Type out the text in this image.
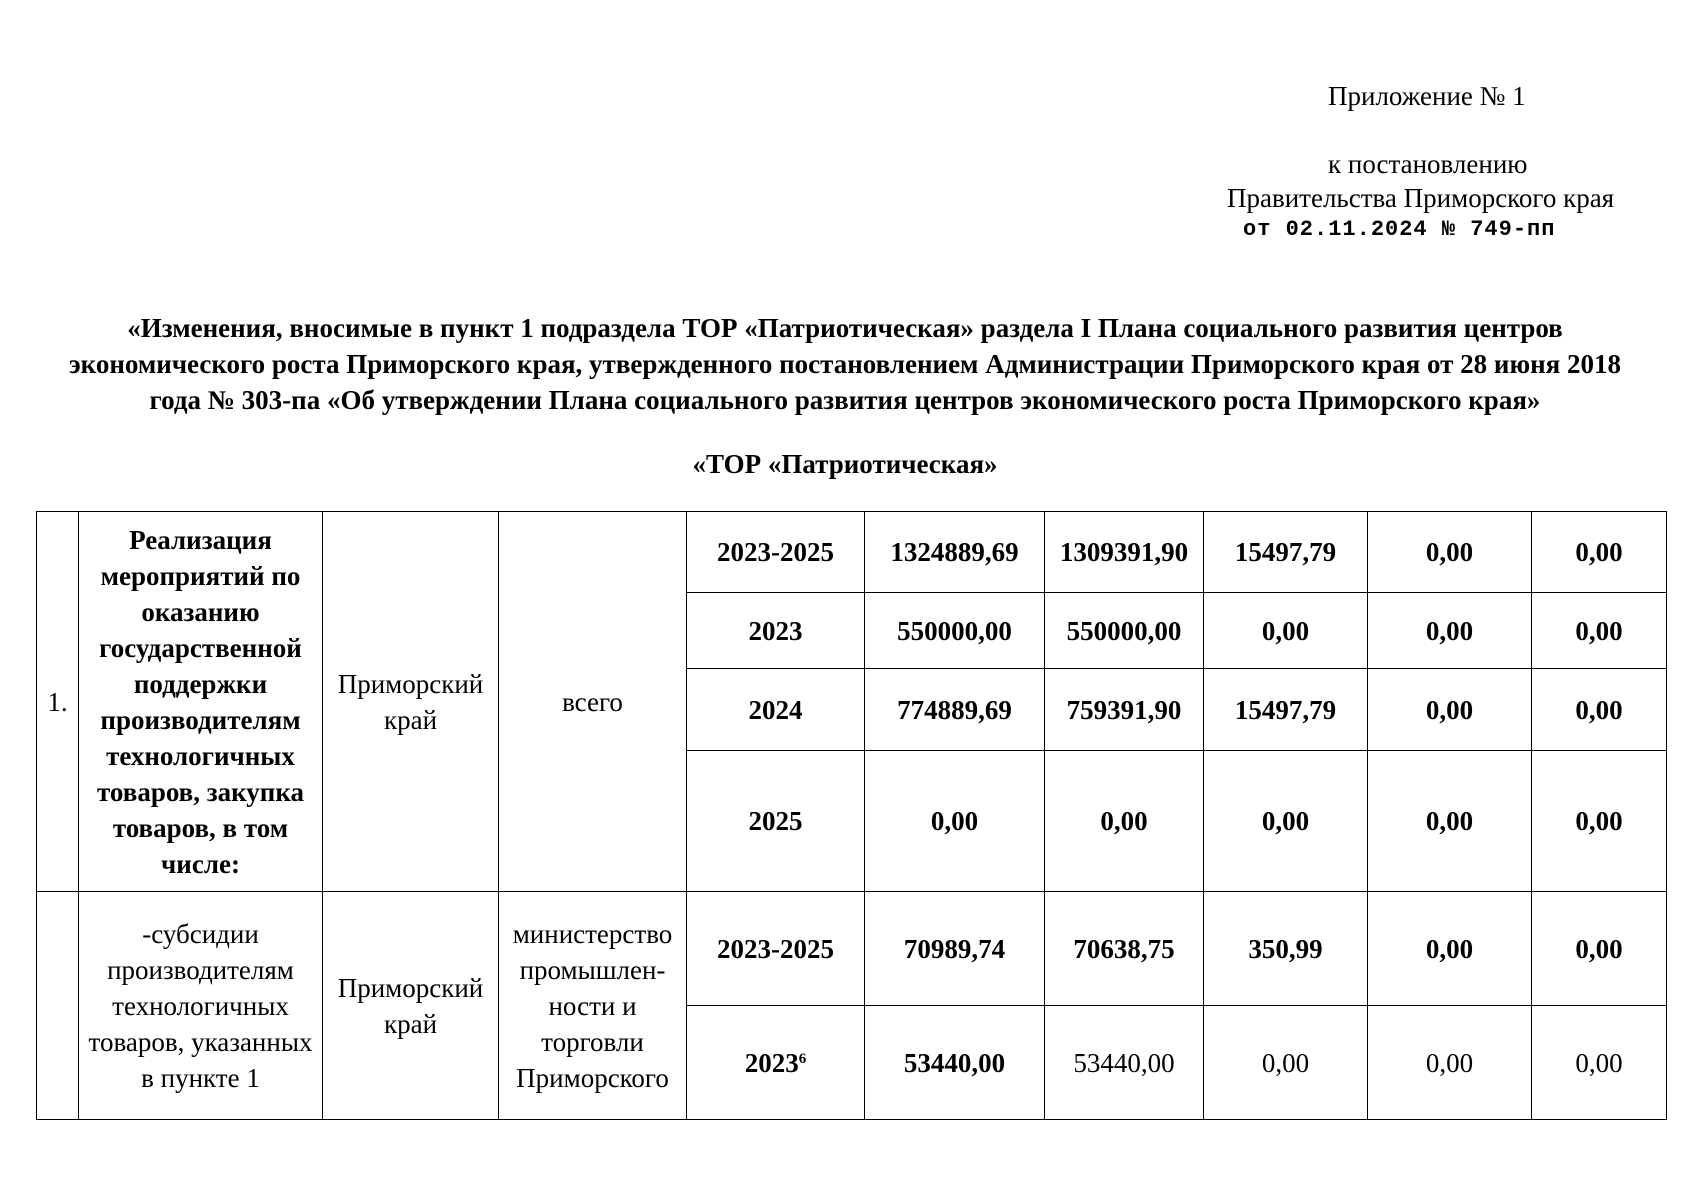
Приложение № 1
к постановлению
Правительства Приморского края
от 02.11.2024 № 749-пп
«Изменения, вносимые в пункт 1 подраздела ТОР «Патриотическая» раздела I Плана социального развития центров экономического роста Приморского края, утвержденного постановлением Администрации Приморского края от 28 июня 2018 года № 303-па «Об утверждении Плана социального развития центров экономического роста Приморского края»
«ТОР «Патриотическая»
1.	Реализация мероприятий по оказанию государственной поддержки производителям технологичных товаров, закупка товаров, в том числе:	Приморский край	всего	2023-2025	1324889,69	1309391,90	15497,79	0,00	0,00
				2023	550000,00	550000,00	0,00	0,00	0,00
				2024	774889,69	759391,90	15497,79	0,00	0,00
				2025	0,00	0,00	0,00	0,00	0,00
	-субсидии производителям технологичных товаров, указанных в пункте 1	Приморский край	министерство промышлен-ности и торговли Приморского	2023-2025	70989,74	70638,75	350,99	0,00	0,00
				2023$^6$	53440,00	53440,00	0,00	0,00	0,00
